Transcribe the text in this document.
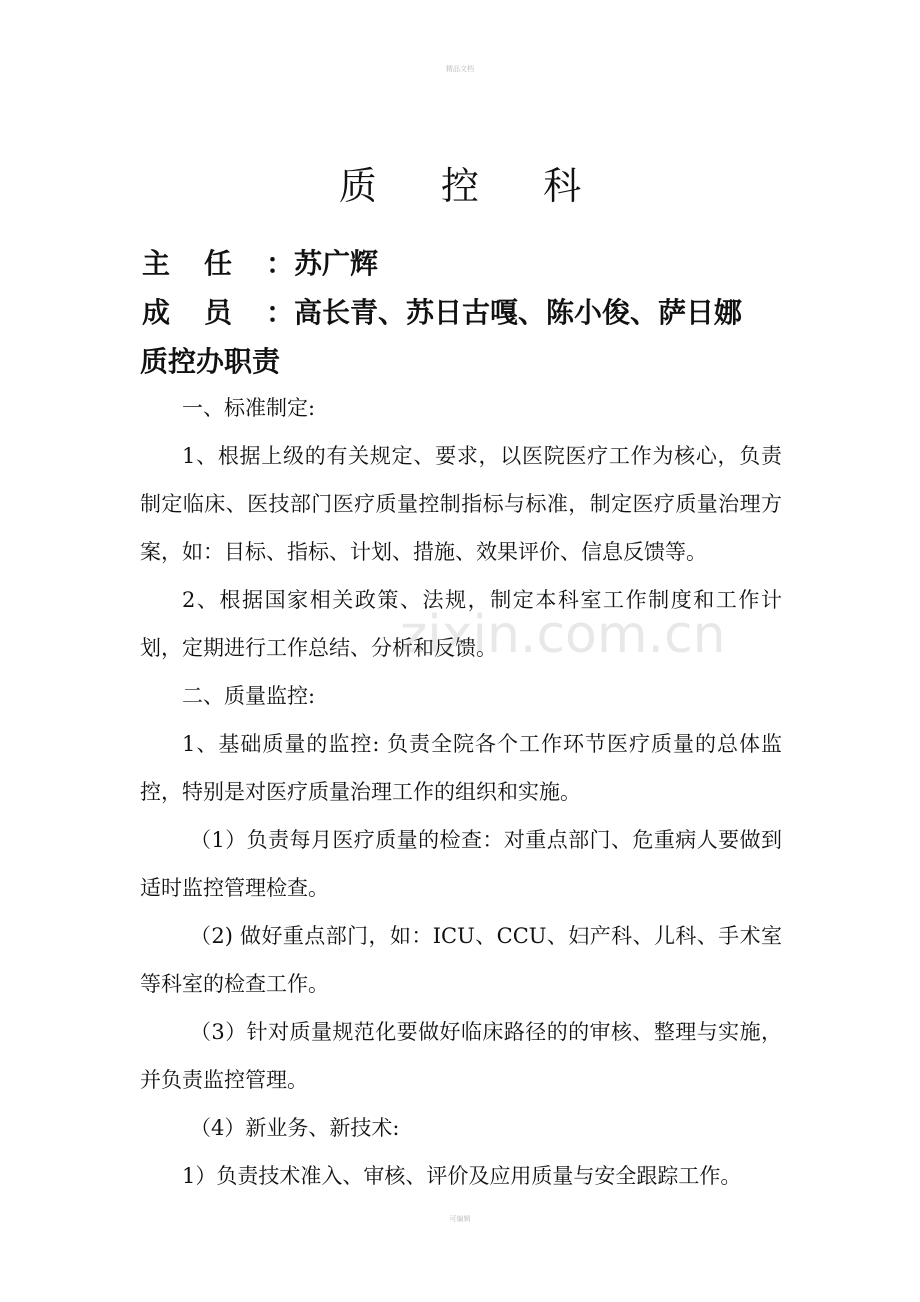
精品文档
质 控 科
主任：苏广辉
成员：高长青、苏日古嘎、陈小俊、萨日娜
质控办职责

一、标准制定:

1、根据上级的有关规定、要求，以医院医疗工作为核心，负责制定临床、医技部门医疗质量控制指标与标准，制定医疗质量治理方案，如：目标、指标、计划、措施、效果评价、信息反馈等。

2、根据国家相关政策、法规，制定本科室工作制度和工作计划，定期进行工作总结、分析和反馈。

二、质量监控:

1、基础质量的监控: 负责全院各个工作环节医疗质量的总体监控，特别是对医疗质量治理工作的组织和实施。

（1）负责每月医疗质量的检查：对重点部门、危重病人要做到适时监控管理检查。

（2) 做好重点部门，如：ICU、CCU、妇产科、儿科、手术室等科室的检查工作。

（3）针对质量规范化要做好临床路径的的审核、整理与实施，并负责监控管理。

（4）新业务、新技术:

1）负责技术准入、审核、评价及应用质量与安全跟踪工作。

zixin.com.cn
可编辑
